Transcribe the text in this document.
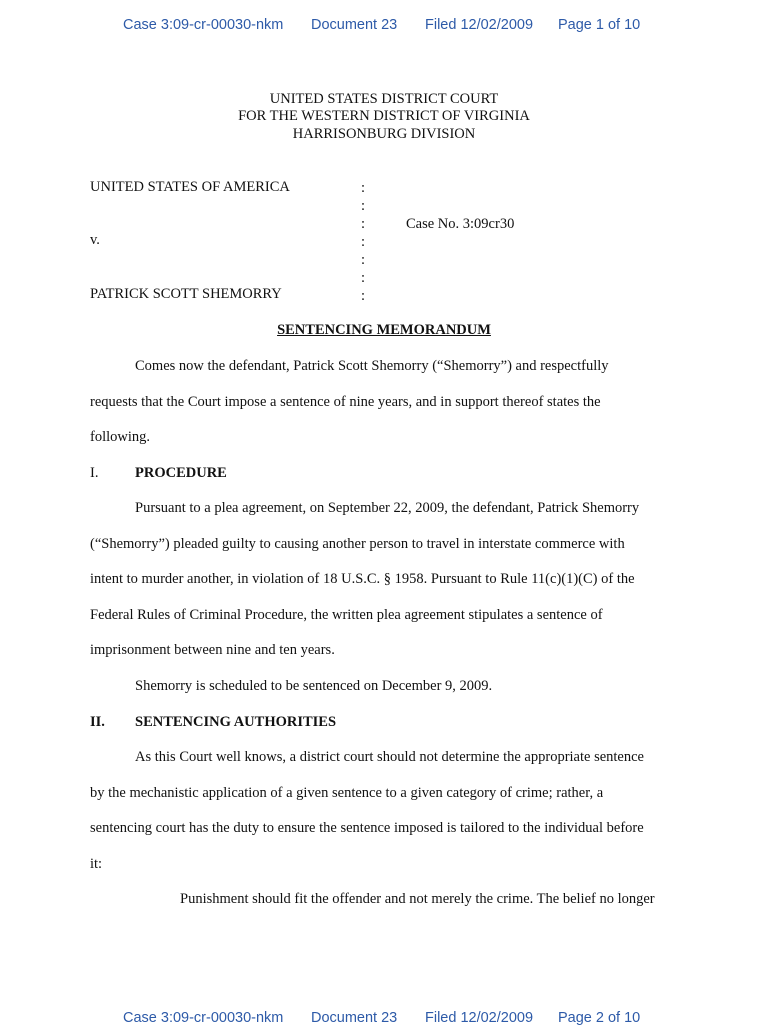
Case 3:09-cr-00030-nkm Document 23 Filed 12/02/2009 Page 1 of 10
UNITED STATES DISTRICT COURT
FOR THE WESTERN DISTRICT OF VIRGINIA
HARRISONBURG DIVISION
UNITED STATES OF AMERICA
v.
PATRICK SCOTT SHEMORRY
:
:
:
:
:
:
:
Case No. 3:09cr30
SENTENCING MEMORANDUM
Comes now the defendant, Patrick Scott Shemorry (“Shemorry”) and respectfully
requests that the Court impose a sentence of nine years, and in support thereof states the
following.
I.	PROCEDURE
Pursuant to a plea agreement, on September 22, 2009, the defendant, Patrick Shemorry
(“Shemorry”) pleaded guilty to causing another person to travel in interstate commerce with
intent to murder another, in violation of 18 U.S.C. § 1958. Pursuant to Rule 11(c)(1)(C) of the
Federal Rules of Criminal Procedure, the written plea agreement stipulates a sentence of
imprisonment between nine and ten years.
Shemorry is scheduled to be sentenced on December 9, 2009.
II. SENTENCING AUTHORITIES
As this Court well knows, a district court should not determine the appropriate sentence
by the mechanistic application of a given sentence to a given category of crime; rather, a
sentencing court has the duty to ensure the sentence imposed is tailored to the individual before
it:
Punishment should fit the offender and not merely the crime. The belief no longer
Case 3:09-cr-00030-nkm Document 23 Filed 12/02/2009 Page 2 of 10
